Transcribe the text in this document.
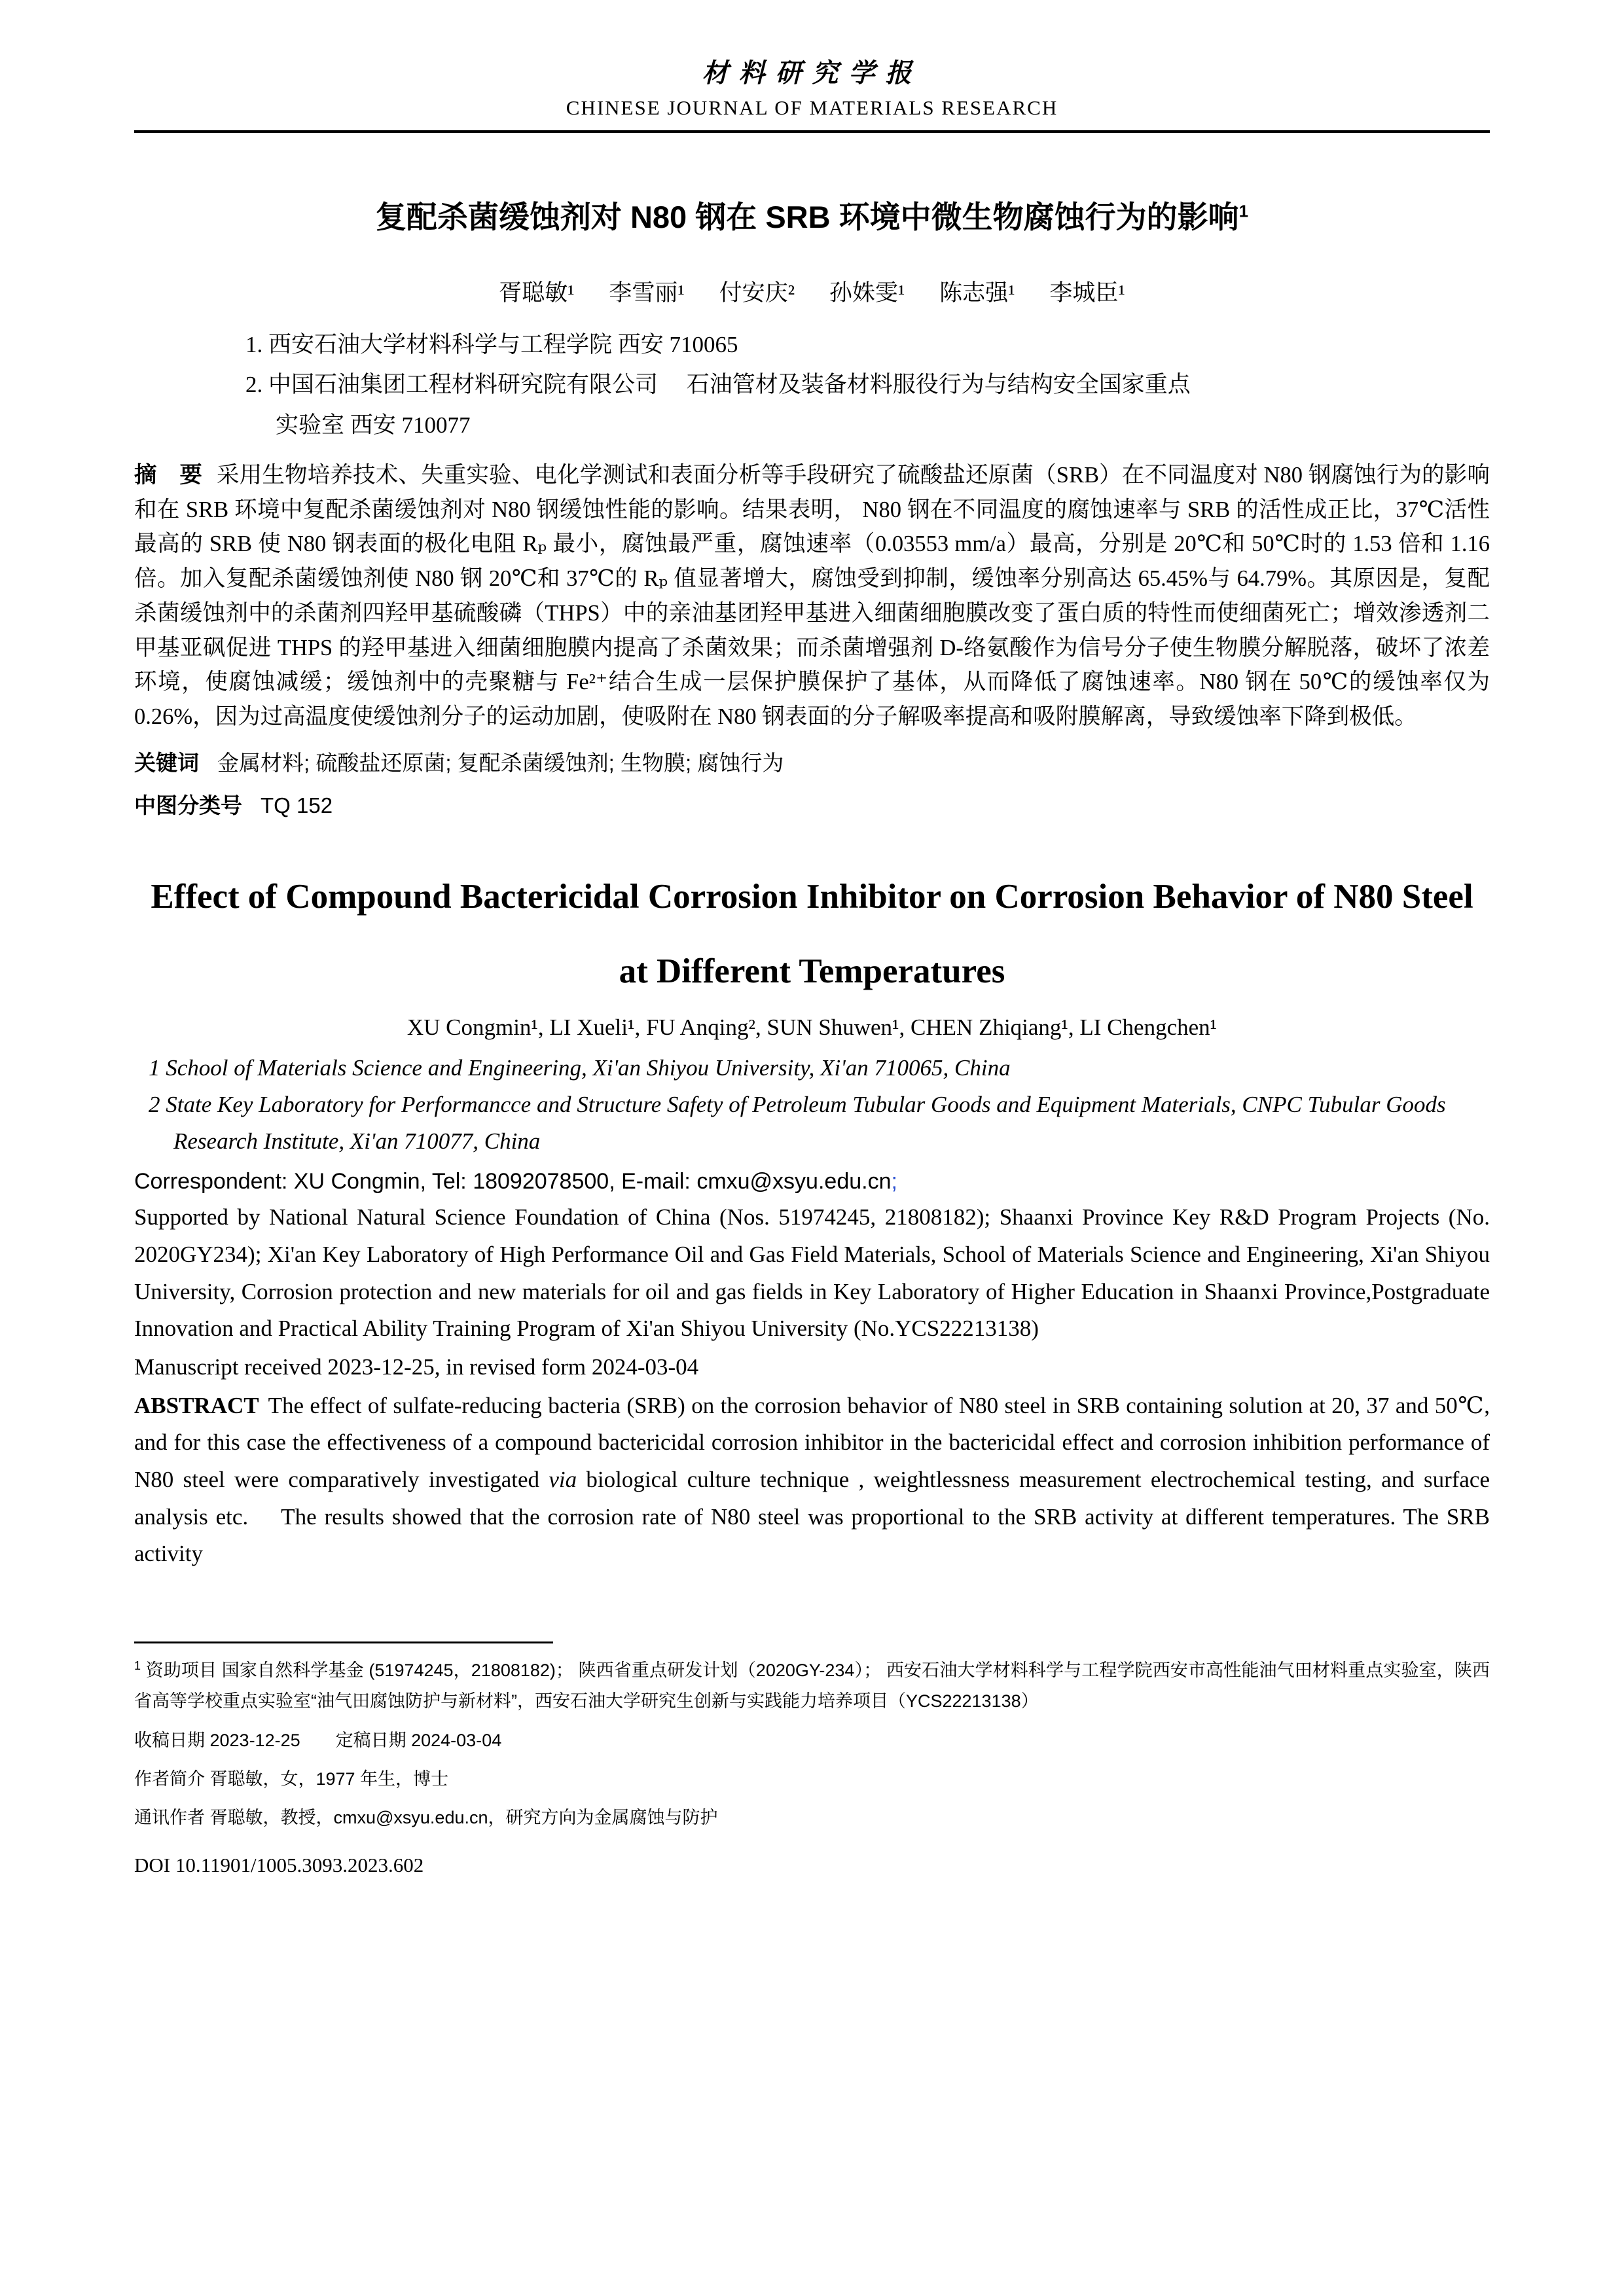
材料研究学报
CHINESE JOURNAL OF MATERIALS RESEARCH
复配杀菌缓蚀剂对 N80 钢在 SRB 环境中微生物腐蚀行为的影响$^1$
胥聪敏¹ 李雪丽¹ 付安庆² 孙姝雯¹ 陈志强¹ 李城臣¹
1. 西安石油大学材料科学与工程学院 西安 710065
2. 中国石油集团工程材料研究院有限公司　 石油管材及装备材料服役行为与结构安全国家重点
实验室 西安 710077

摘　要 采用生物培养技术、失重实验、电化学测试和表面分析等手段研究了硫酸盐还原菌（SRB）在不同温度对 N80 钢腐蚀行为的影响和在 SRB 环境中复配杀菌缓蚀剂对 N80 钢缓蚀性能的影响。结果表明， N80 钢在不同温度的腐蚀速率与 SRB 的活性成正比，37℃活性最高的 SRB 使 N80 钢表面的极化电阻 Rₚ 最小，腐蚀最严重，腐蚀速率（0.03553 mm/a）最高，分别是 20℃和 50℃时的 1.53 倍和 1.16 倍。加入复配杀菌缓蚀剂使 N80 钢 20℃和 37℃的 Rₚ 值显著增大，腐蚀受到抑制，缓蚀率分别高达 65.45%与 64.79%。其原因是，复配杀菌缓蚀剂中的杀菌剂四羟甲基硫酸磷（THPS）中的亲油基团羟甲基进入细菌细胞膜改变了蛋白质的特性而使细菌死亡；增效渗透剂二甲基亚砜促进 THPS 的羟甲基进入细菌细胞膜内提高了杀菌效果；而杀菌增强剂 D-络氨酸作为信号分子使生物膜分解脱落，破坏了浓差环境，使腐蚀减缓；缓蚀剂中的壳聚糖与 Fe²⁺结合生成一层保护膜保护了基体，从而降低了腐蚀速率。N80 钢在 50℃的缓蚀率仅为 0.26%，因为过高温度使缓蚀剂分子的运动加剧，使吸附在 N80 钢表面的分子解吸率提高和吸附膜解离，导致缓蚀率下降到极低。

关键词 金属材料; 硫酸盐还原菌; 复配杀菌缓蚀剂; 生物膜; 腐蚀行为
中图分类号 TQ 152
Effect of Compound Bactericidal Corrosion Inhibitor on Corrosion Behavior of N80 Steel at Different Temperatures
XU Congmin¹, LI Xueli¹, FU Anqing², SUN Shuwen¹, CHEN Zhiqiang¹, LI Chengchen¹
1 School of Materials Science and Engineering, Xi'an Shiyou University, Xi'an 710065, China
2 State Key Laboratory for Performancce and Structure Safety of Petroleum Tubular Goods and Equipment Materials, CNPC Tubular Goods Research Institute, Xi'an 710077, China
Correspondent: XU Congmin, Tel: 18092078500, E-mail: cmxu@xsyu.edu.cn;

Supported by National Natural Science Foundation of China (Nos. 51974245, 21808182); Shaanxi Province Key R&D Program Projects (No. 2020GY234); Xi'an Key Laboratory of High Performance Oil and Gas Field Materials, School of Materials Science and Engineering, Xi'an Shiyou University, Corrosion protection and new materials for oil and gas fields in Key Laboratory of Higher Education in Shaanxi Province,Postgraduate Innovation and Practical Ability Training Program of Xi'an Shiyou University (No.YCS22213138)

Manuscript received 2023-12-25, in revised form 2024-03-04

ABSTRACT The effect of sulfate-reducing bacteria (SRB) on the corrosion behavior of N80 steel in SRB containing solution at 20, 37 and 50℃, and for this case the effectiveness of a compound bactericidal corrosion inhibitor in the bactericidal effect and corrosion inhibition performance of N80 steel were comparatively investigated via biological culture technique , weightlessness measurement electrochemical testing, and surface analysis etc. 　The results showed that the corrosion rate of N80 steel was proportional to the SRB activity at different temperatures. The SRB activity

$^1$ 资助项目 国家自然科学基金 (51974245，21808182)； 陕西省重点研发计划（2020GY-234）； 西安石油大学材料科学与工程学院西安市高性能油气田材料重点实验室，陕西省高等学校重点实验室“油气田腐蚀防护与新材料”，西安石油大学研究生创新与实践能力培养项目（YCS22213138）
收稿日期 2023-12-25　　定稿日期 2024-03-04
作者简介 胥聪敏，女，1977 年生，博士
通讯作者 胥聪敏，教授，cmxu@xsyu.edu.cn，研究方向为金属腐蚀与防护
DOI 10.11901/1005.3093.2023.602
